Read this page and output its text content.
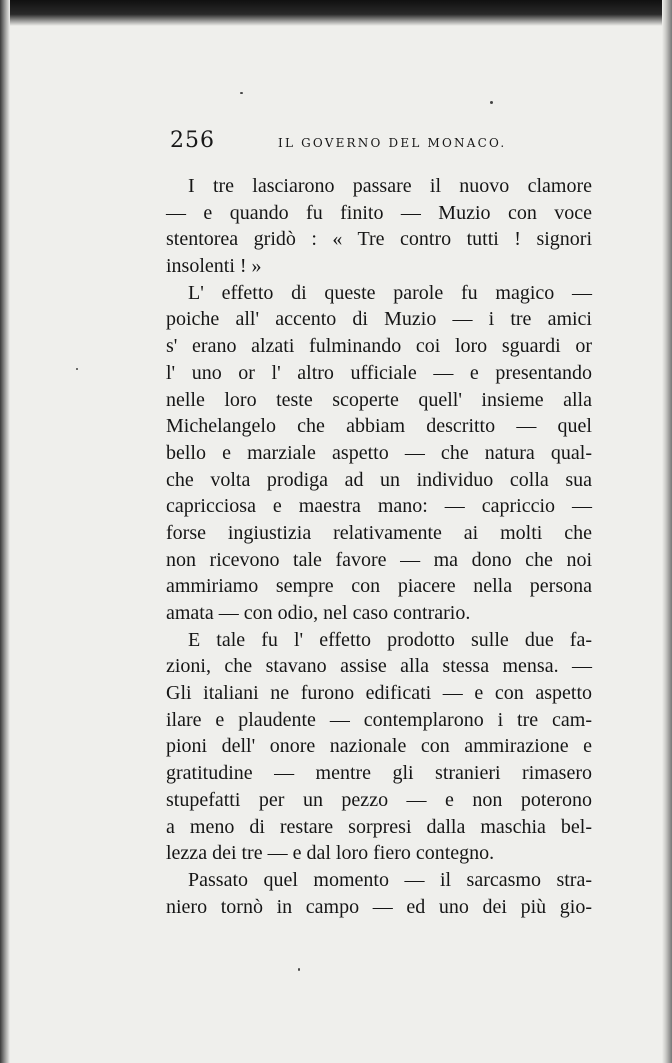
256	IL GOVERNO DEL MONACO.
I tre lasciarono passare il nuovo clamore
— e quando fu finito — Muzio con voce
stentorea gridò : « Tre contro tutti ! signori
insolenti ! »
L' effetto di queste parole fu magico —
poiche all' accento di Muzio — i tre amici
s' erano alzati fulminando coi loro sguardi or
l' uno or l' altro ufficiale — e presentando
nelle loro teste scoperte quell' insieme alla
Michelangelo che abbiam descritto — quel
bello e marziale aspetto — che natura qual-
che volta prodiga ad un individuo colla sua
capricciosa e maestra mano: — capriccio —
forse ingiustizia relativamente ai molti che
non ricevono tale favore — ma dono che noi
ammiriamo sempre con piacere nella persona
amata — con odio, nel caso contrario.
E tale fu l' effetto prodotto sulle due fa-
zioni, che stavano assise alla stessa mensa. —
Gli italiani ne furono edificati — e con aspetto
ilare e plaudente — contemplarono i tre cam-
pioni dell' onore nazionale con ammirazione e
gratitudine — mentre gli stranieri rimasero
stupefatti per un pezzo — e non poterono
a meno di restare sorpresi dalla maschia bel-
lezza dei tre — e dal loro fiero contegno.
Passato quel momento — il sarcasmo stra-
niero tornò in campo — ed uno dei più gio-
